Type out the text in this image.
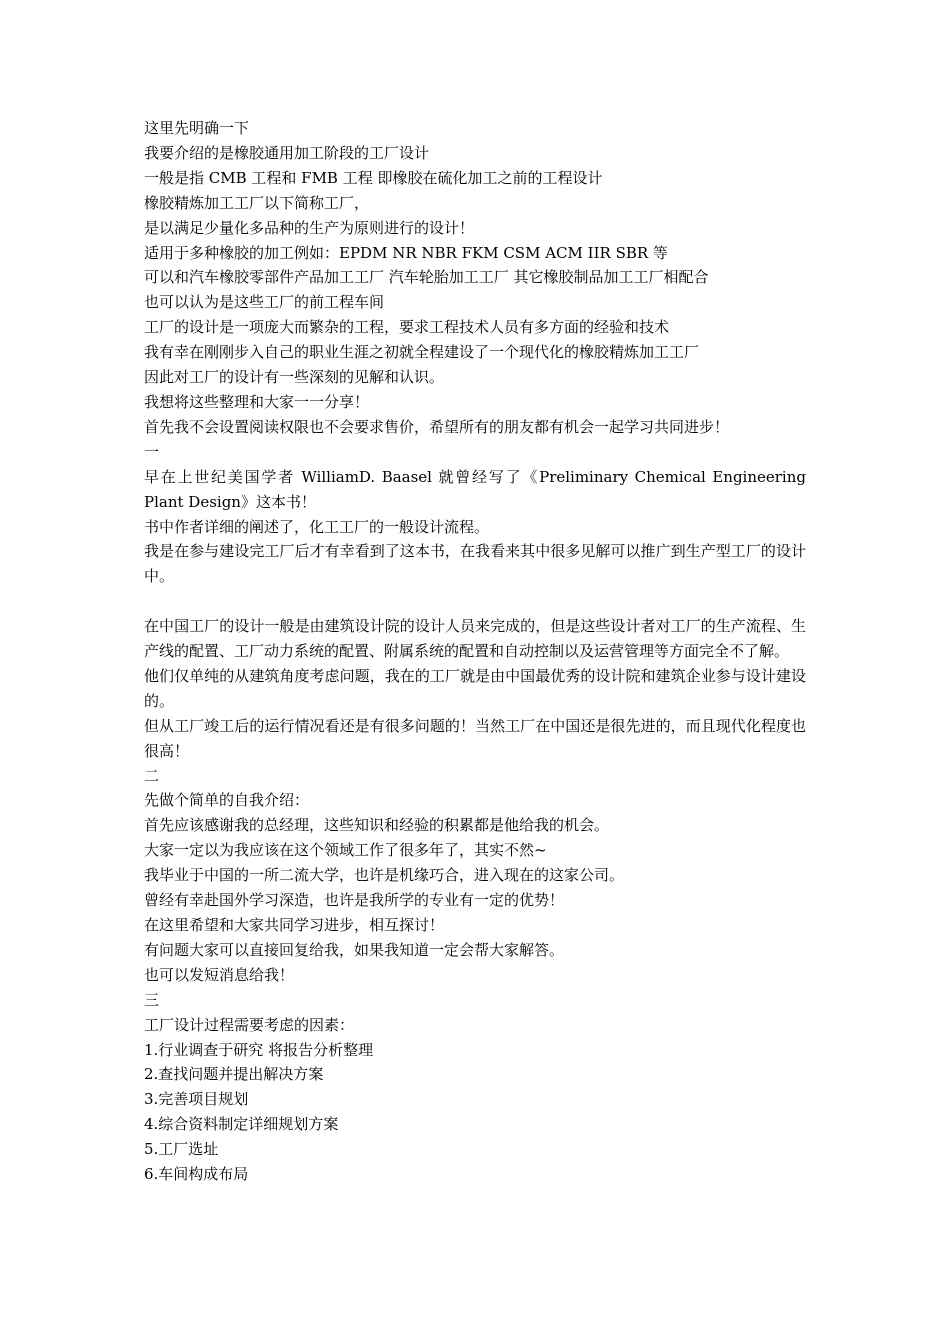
这里先明确一下

我要介绍的是橡胶通用加工阶段的工厂设计

一般是指 CMB 工程和 FMB 工程 即橡胶在硫化加工之前的工程设计

橡胶精炼加工工厂以下简称工厂，

是以满足少量化多品种的生产为原则进行的设计！

适用于多种橡胶的加工例如：EPDM NR NBR FKM CSM ACM IIR SBR 等

可以和汽车橡胶零部件产品加工工厂 汽车轮胎加工工厂 其它橡胶制品加工工厂相配合

也可以认为是这些工厂的前工程车间

工厂的设计是一项庞大而繁杂的工程，要求工程技术人员有多方面的经验和技术

我有幸在刚刚步入自己的职业生涯之初就全程建设了一个现代化的橡胶精炼加工工厂

因此对工厂的设计有一些深刻的见解和认识。

我想将这些整理和大家一一分享！

首先我不会设置阅读权限也不会要求售价，希望所有的朋友都有机会一起学习共同进步！

一

早在上世纪美国学者 WilliamD. Baasel 就曾经写了《Preliminary Chemical Engineering Plant Design》这本书！

书中作者详细的阐述了，化工工厂的一般设计流程。

我是在参与建设完工厂后才有幸看到了这本书，在我看来其中很多见解可以推广到生产型工厂的设计中。

在中国工厂的设计一般是由建筑设计院的设计人员来完成的，但是这些设计者对工厂的生产流程、生产线的配置、工厂动力系统的配置、附属系统的配置和自动控制以及运营管理等方面完全不了解。

他们仅单纯的从建筑角度考虑问题，我在的工厂就是由中国最优秀的设计院和建筑企业参与设计建设的。

但从工厂竣工后的运行情况看还是有很多问题的！当然工厂在中国还是很先进的，而且现代化程度也很高！

二

先做个简单的自我介绍：

首先应该感谢我的总经理，这些知识和经验的积累都是他给我的机会。

大家一定以为我应该在这个领域工作了很多年了，其实不然~

我毕业于中国的一所二流大学，也许是机缘巧合，进入现在的这家公司。

曾经有幸赴国外学习深造，也许是我所学的专业有一定的优势！

在这里希望和大家共同学习进步，相互探讨！

有问题大家可以直接回复给我，如果我知道一定会帮大家解答。

也可以发短消息给我！

三

工厂设计过程需要考虑的因素：

1.行业调查于研究 将报告分析整理

2.查找问题并提出解决方案

3.完善项目规划

4.综合资料制定详细规划方案

5.工厂选址

6.车间构成布局
